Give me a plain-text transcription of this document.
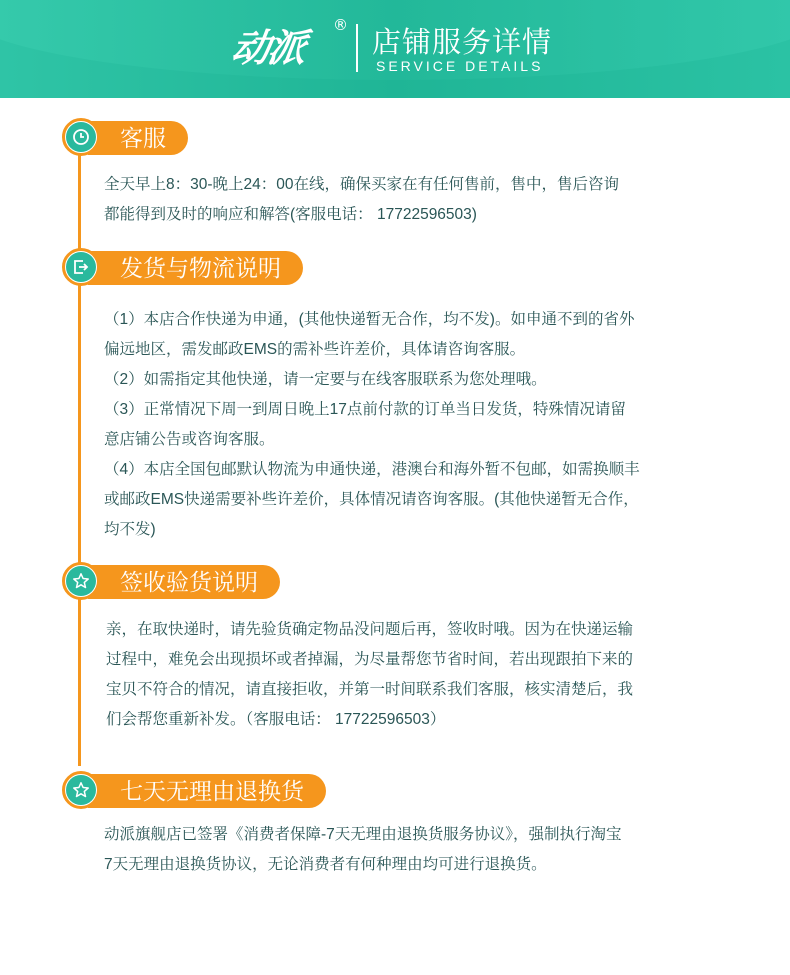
动派	®
店铺服务详情
SERVICE DETAILS
客服
全天早上8：30-晚上24：00在线，确保买家在有任何售前，售中，售后咨询
都能得到及时的响应和解答(客服电话： 17722596503)
发货与物流说明
（1）本店合作快递为申通，(其他快递暂无合作，均不发)。如申通不到的省外
偏远地区，需发邮政EMS的需补些许差价，具体请咨询客服。
（2）如需指定其他快递，请一定要与在线客服联系为您处理哦。
（3）正常情况下周一到周日晚上17点前付款的订单当日发货，特殊情况请留
意店铺公告或咨询客服。
（4）本店全国包邮默认物流为申通快递，港澳台和海外暂不包邮，如需换顺丰
或邮政EMS快递需要补些许差价，具体情况请咨询客服。(其他快递暂无合作，
均不发)
签收验货说明
亲，在取快递时，请先验货确定物品没问题后再，签收时哦。因为在快递运输
过程中，难免会出现损坏或者掉漏，为尽量帮您节省时间，若出现跟拍下来的
宝贝不符合的情况，请直接拒收，并第一时间联系我们客服，核实清楚后，我
们会帮您重新补发。（客服电话： 17722596503）
七天无理由退换货
动派旗舰店已签署《消费者保障-7天无理由退换货服务协议》，强制执行淘宝
7天无理由退换货协议，无论消费者有何种理由均可进行退换货。
